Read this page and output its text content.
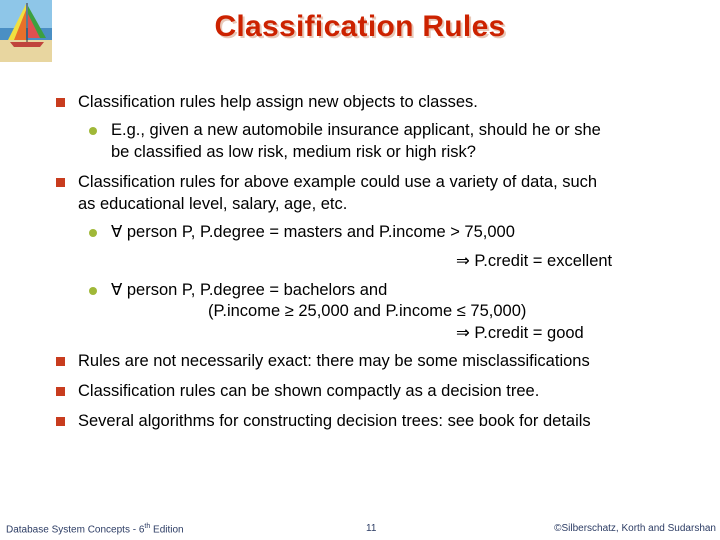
Classification Rules
Classification rules help assign new objects to classes.
E.g., given a new automobile insurance applicant, should he or she
be classified as low risk, medium risk or high risk?
Classification rules for above example could use a variety of data, such
as educational level, salary, age, etc.
∀ person P, P.degree = masters and P.income > 75,000
⇒ P.credit = excellent
∀ person P, P.degree = bachelors and
(P.income ≥ 25,000 and P.income ≤ 75,000)
⇒ P.credit = good
Rules are not necessarily exact: there may be some misclassifications
Classification rules can be shown compactly as a decision tree.
Several algorithms for constructing decision trees: see book for details
Database System Concepts - 6th Edition	11	©Silberschatz, Korth and Sudarshan
